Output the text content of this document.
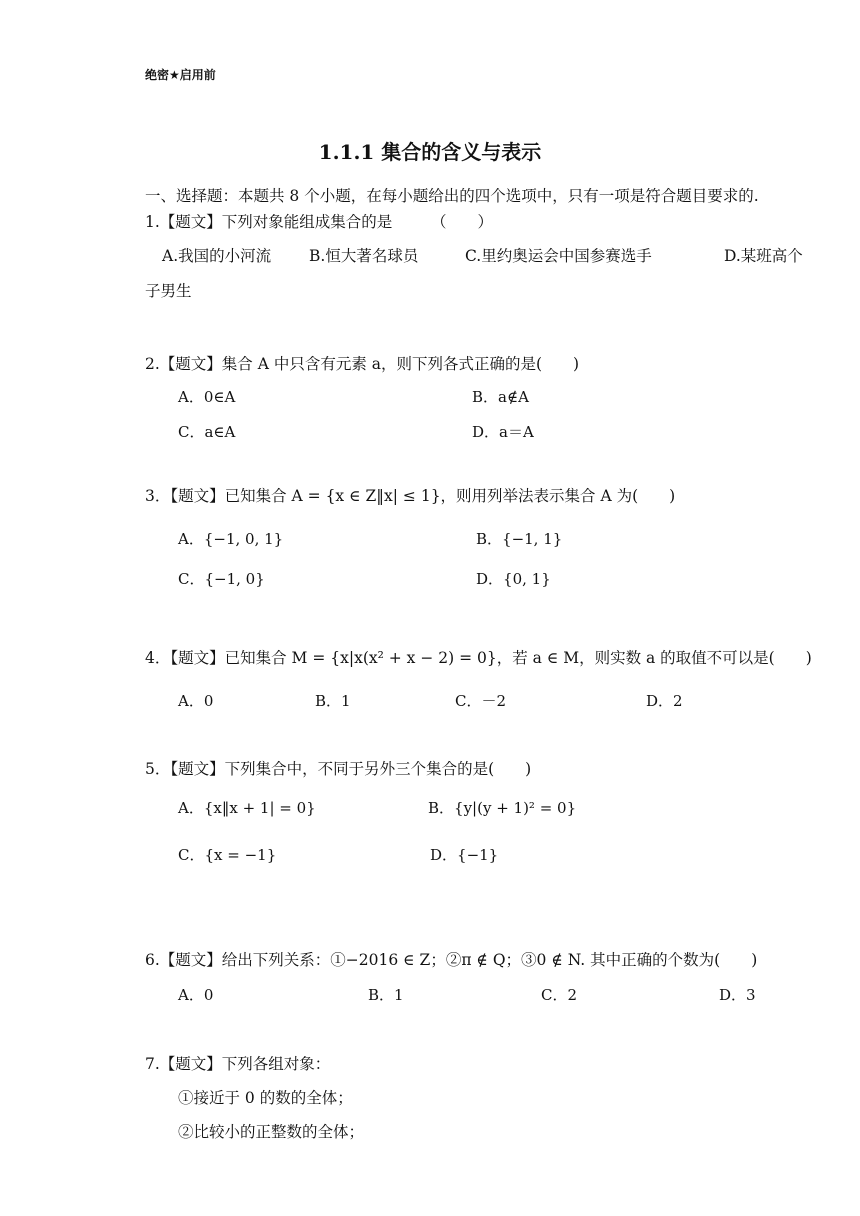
绝密★启用前
1.1.1 集合的含义与表示
一、选择题：本题共 8 个小题，在每小题给出的四个选项中，只有一项是符合题目要求的.
1.【题文】下列对象能组成集合的是　　　（　　）
A.我国的小河流 B.恒大著名球员	C.里约奥运会中国参赛选手	D.某班高个
子男生
2.【题文】集合 A 中只含有元素 a，则下列各式正确的是(　　)
A．0∈A	B．a∉A
C．a∈A	D．a＝A
3．【题文】已知集合 A = {x ∈ Z‖x| ≤ 1}，则用列举法表示集合 A 为(　　)
A．{−1, 0, 1}	B．{−1, 1}
C．{−1, 0}	D．{0, 1}
4．【题文】已知集合 M = {x|x(x² + x − 2) = 0}，若 a ∈ M，则实数 a 的取值不可以是(　　)
A．0	B．1	C．－2	D．2
5．【题文】下列集合中，不同于另外三个集合的是(　　)
A．{x‖x + 1| = 0}	B．{y|(y + 1)² = 0}
C．{x = −1}	D．{−1}
6.【题文】给出下列关系：①−2016 ∈ Z；②π ∉ Q；③0 ∉ N. 其中正确的个数为(　　)
A．0	B．1	C．2	D．3
7.【题文】下列各组对象：
①接近于 0 的数的全体；
②比较小的正整数的全体；
